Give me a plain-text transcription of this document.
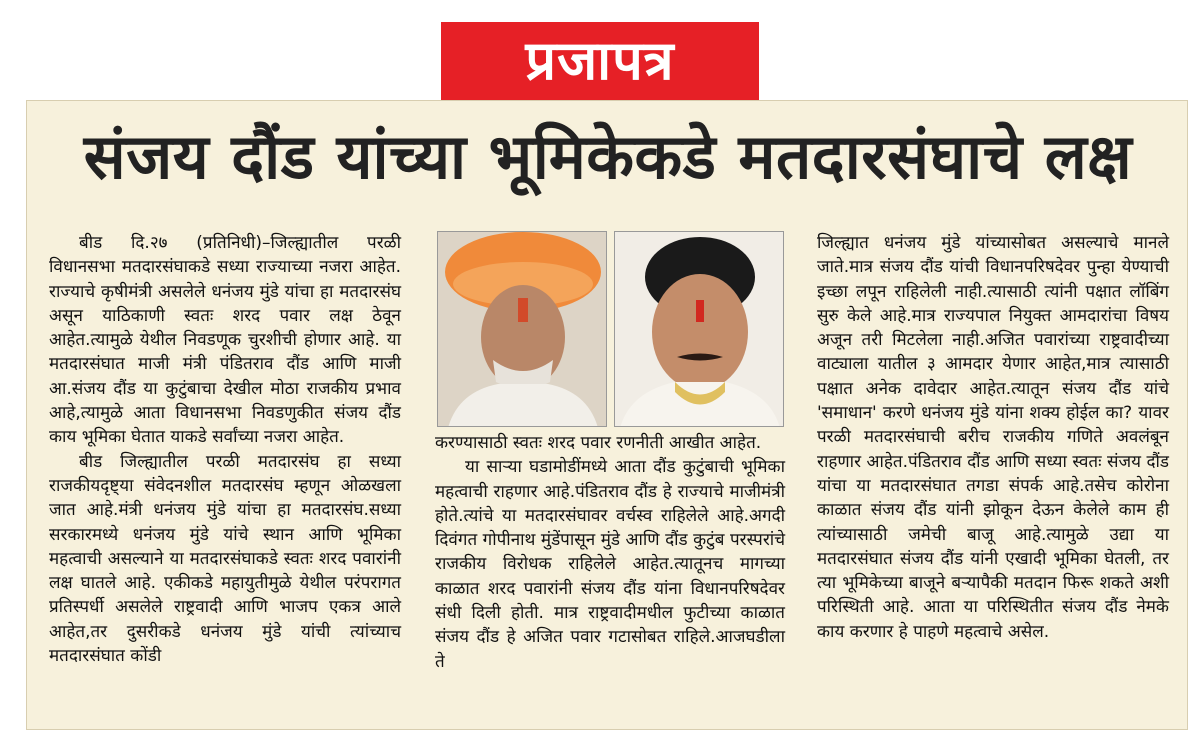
प्रजापत्र
संजय दौंड यांच्या भूमिकेकडे मतदारसंघाचे लक्ष

बीड दि.२७ (प्रतिनिधी)–जिल्ह्यातील परळी विधानसभा मतदारसंघाकडे सध्या राज्याच्या नजरा आहेत. राज्याचे कृषीमंत्री असलेले धनंजय मुंडे यांचा हा मतदारसंघ असून याठिकाणी स्वतः शरद पवार लक्ष ठेवून आहेत.त्यामुळे येथील निवडणूक चुरशीची होणार आहे. या मतदारसंघात माजी मंत्री पंडितराव दौंड आणि माजी आ.संजय दौंड या कुटुंबाचा देखील मोठा राजकीय प्रभाव आहे,त्यामुळे आता विधानसभा निवडणुकीत संजय दौंड काय भूमिका घेतात याकडे सर्वांच्या नजरा आहेत.

बीड जिल्ह्यातील परळी मतदारसंघ हा सध्या राजकीयदृष्ट्या संवेदनशील मतदारसंघ म्हणून ओळखला जात आहे.मंत्री धनंजय मुंडे यांचा हा मतदारसंघ.सध्या सरकारमध्ये धनंजय मुंडे यांचे स्थान आणि भूमिका महत्वाची असल्याने या मतदारसंघाकडे स्वतः शरद पवारांनी लक्ष घातले आहे. एकीकडे महायुतीमुळे येथील परंपरागत प्रतिस्पर्धी असलेले राष्ट्रवादी आणि भाजप एकत्र आले आहेत,तर दुसरीकडे धनंजय मुंडे यांची त्यांच्याच मतदारसंघात कोंडी

करण्यासाठी स्वतः शरद पवार रणनीती आखीत आहेत.

या साऱ्या घडामोडींमध्ये आता दौंड कुटुंबाची भूमिका महत्वाची राहणार आहे.पंडितराव दौंड हे राज्याचे माजीमंत्री होते.त्यांचे या मतदारसंघावर वर्चस्व राहिलेले आहे.अगदी दिवंगत गोपीनाथ मुंडेंपासून मुंडे आणि दौंड कुटुंब परस्परांचे राजकीय विरोधक राहिलेले आहेत.त्यातूनच मागच्या काळात शरद पवारांनी संजय दौंड यांना विधानपरिषदेवर संधी दिली होती. मात्र राष्ट्रवादीमधील फुटीच्या काळात संजय दौंड हे अजित पवार गटासोबत राहिले.आजघडीला ते

जिल्ह्यात धनंजय मुंडे यांच्यासोबत असल्याचे मानले जाते.मात्र संजय दौंड यांची विधानपरिषदेवर पुन्हा येण्याची इच्छा लपून राहिलेली नाही.त्यासाठी त्यांनी पक्षात लॉबिंग सुरु केले आहे.मात्र राज्यपाल नियुक्त आमदारांचा विषय अजून तरी मिटलेला नाही.अजित पवारांच्या राष्ट्रवादीच्या वाट्याला यातील ३ आमदार येणार आहेत,मात्र त्यासाठी पक्षात अनेक दावेदार आहेत.त्यातून संजय दौंड यांचे 'समाधान' करणे धनंजय मुंडे यांना शक्य होईल का? यावर परळी मतदारसंघाची बरीच राजकीय गणिते अवलंबून राहणार आहेत.पंडितराव दौंड आणि सध्या स्वतः संजय दौंड यांचा या मतदारसंघात तगडा संपर्क आहे.तसेच कोरोना काळात संजय दौंड यांनी झोकून देऊन केलेले काम ही त्यांच्यासाठी जमेची बाजू आहे.त्यामुळे उद्या या मतदारसंघात संजय दौंड यांनी एखादी भूमिका घेतली, तर त्या भूमिकेच्या बाजूने बऱ्यापैकी मतदान फिरू शकते अशी परिस्थिती आहे. आता या परिस्थितीत संजय दौंड नेमके काय करणार हे पाहणे महत्वाचे असेल.
